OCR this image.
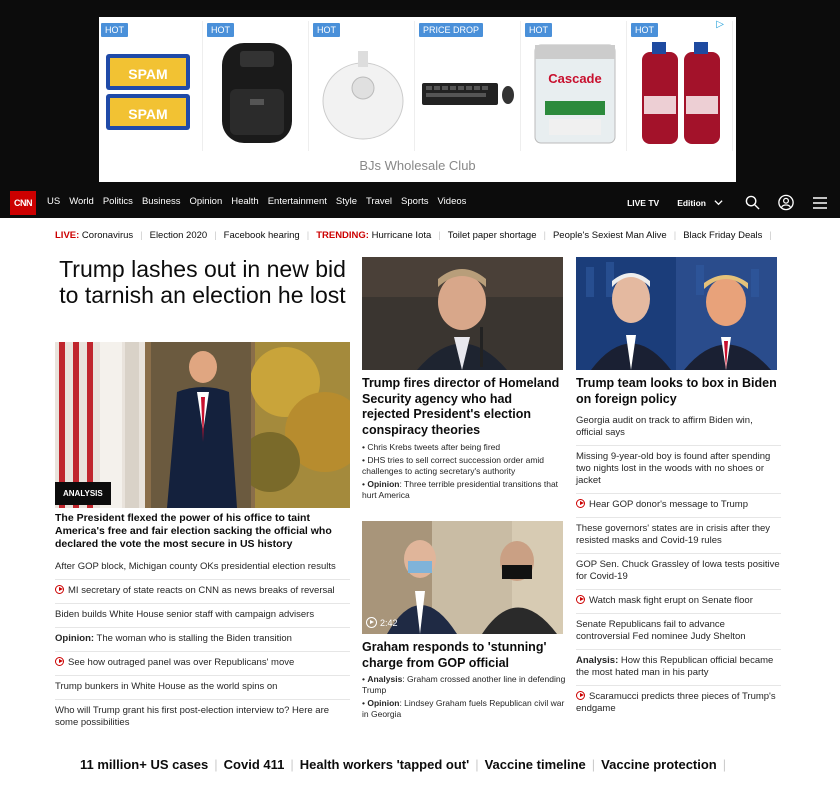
▷
HOT
SPAM
SPAM
HOT	HOT	PRICE DROP	HOT
Cascade
HOT
BJs Wholesale Club
CNN	US World Politics Business Opinion Health Entertainment Style Travel Sports Videos	LIVE TV Edition
LIVE:
Coronavirus | Election 2020 | Facebook hearing | TRENDING:
Hurricane Iota | Toilet paper shortage | People's Sexiest Man Alive | Black Friday Deals |
Trump lashes out in new bid to tarnish an election he lost
ANALYSIS
The President flexed the power of his office to taint America's free and fair election sacking the official who declared the vote the most secure in US history
After GOP block, Michigan county OKs presidential election results
MI secretary of state reacts on CNN as news breaks of reversal
Biden builds White House senior staff with campaign advisers
Opinion: The woman who is stalling the Biden transition
See how outraged panel was over Republicans' move
Trump bunkers in White House as the world spins on
Who will Trump grant his first post-election interview to? Here are some possibilities
Trump fires director of Homeland Security agency who had rejected President's election conspiracy theories
• Chris Krebs tweets after being fired
• DHS tries to sell correct succession order amid challenges to acting secretary's authority
• Opinion: Three terrible presidential transitions that hurt America
2:42
Graham responds to 'stunning' charge from GOP official
• Analysis: Graham crossed another line in defending Trump
• Opinion: Lindsey Graham fuels Republican civil war in Georgia
Trump team looks to box in Biden on foreign policy
Georgia audit on track to affirm Biden win, official says
Missing 9-year-old boy is found after spending two nights lost in the woods with no shoes or jacket
Hear GOP donor's message to Trump
These governors' states are in crisis after they resisted masks and Covid-19 rules
GOP Sen. Chuck Grassley of Iowa tests positive for Covid-19
Watch mask fight erupt on Senate floor
Senate Republicans fail to advance controversial Fed nominee Judy Shelton
Analysis: How this Republican official became the most hated man in his party
Scaramucci predicts three pieces of Trump's endgame
11 million+ US cases | Covid 411 | Health workers 'tapped out' | Vaccine timeline | Vaccine protection |
